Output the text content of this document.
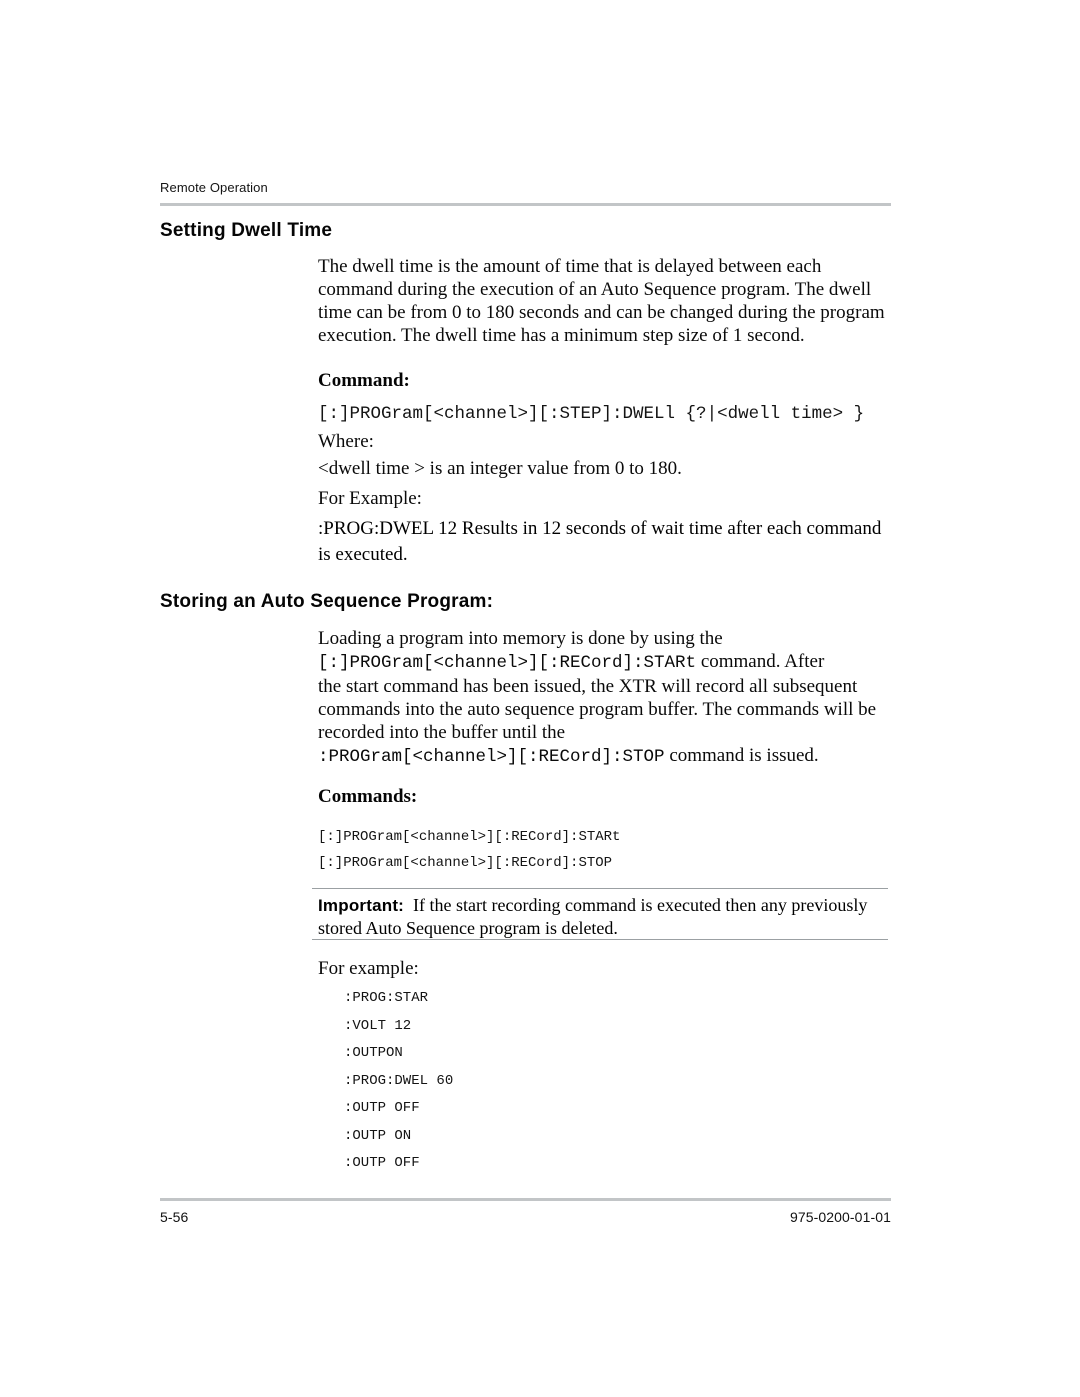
Remote Operation
Setting Dwell Time
The dwell time is the amount of time that is delayed between each
command during the execution of an Auto Sequence program. The dwell
time can be from 0 to 180 seconds and can be changed during the program
execution. The dwell time has a minimum step size of 1 second.
Command:
[:]PROGram[<channel>][:STEP]:DWELl {?|<dwell time> }
Where:
<dwell time > is an integer value from 0 to 180.
For Example:
:PROG:DWEL 12 Results in 12 seconds of wait time after each command
is executed.
Storing an Auto Sequence Program:
Loading a program into memory is done by using the
[:]PROGram[<channel>][:RECord]:STARt command. After
the start command has been issued, the XTR will record all subsequent
commands into the auto sequence program buffer. The commands will be
recorded into the buffer until the
:PROGram[<channel>][:RECord]:STOP command is issued.
Commands:
[:]PROGram[<channel>][:RECord]:STARt
[:]PROGram[<channel>][:RECord]:STOP
Important: If the start recording command is executed then any previously
stored Auto Sequence program is deleted.
For example:
:PROG:STAR
:VOLT 12
:OUTPON
:PROG:DWEL 60
:OUTP OFF
:OUTP ON
:OUTP OFF
5-56	975-0200-01-01
